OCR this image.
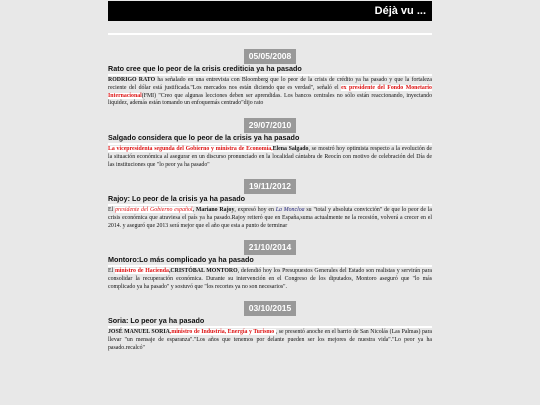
Déjà vu ...
05/05/2008
Rato cree que lo peor de la crisis crediticia ya ha pasado
RODRIGO RATO ha señalado en una entrevista con Bloomberg que lo peor de la crisis de crédito ya ha pasado y que la fortaleza reciente del dólar está justificada."Los mercados nos están diciendo que es verdad", señaló el ex presidente del Fondo Monetario Internacional(FMI) "Creo que algunas lecciones deben ser aprendidas. Los bancos centrales no sólo están reaccionando, inyectando liquidez, además están tomando un enfoquemás centrado"dijo rato
29/07/2010
Salgado considera que lo peor de la crisis ya ha pasado
La vicepresidenta segunda del Gobierno y ministra de Economía,Elena Salgado, se mostró hoy optimista respecto a la evolución de la situación económica al asegurar en un discurso pronunciado en la localidad cántabra de Reocín con motivo de celebración del Día de las instituciones que "lo peor ya ha pasado"
19/11/2012
Rajoy: Lo peor de la crisis ya ha pasado
El presidente del Gobierno español, Mariano Rajoy, expresó hoy en La Moncloa su "total y absoluta convicción" de que lo peor de la crisis económica que atraviesa el país ya ha pasado.Rajoy reiteró que en España,suma actualmente ne la recesión, volverá a crecer en el 2014. y aseguró que 2013 será mejor que el año que esta a punto de terminar
21/10/2014
Montoro:Lo más complicado ya ha pasado
El ministro de Hacienda,CRISTÓBAL MONTORO, defendió hoy los Presupuestos Generales del Estado son realistas y servirán para consolidar la recuperación económica. Durante su intervención en el Congreso de los diputados, Montoro aseguró que "lo más complicado ya ha pasado" y sostuvó que "los recortes ya no son necesarios".
03/10/2015
Soria: Lo peor ya ha pasado
JOSÉ MANUEL SORIA,ministro de Industria, Energía y Turismo , se presentó anoche en el barrio de San Nicolás (Las Palmas) para llevar "un mensaje de esparanza"."Los años que tenemos por delante pueden ser los mejores de nuestra vida"."Lo peor ya ha pasado.recalcó"
